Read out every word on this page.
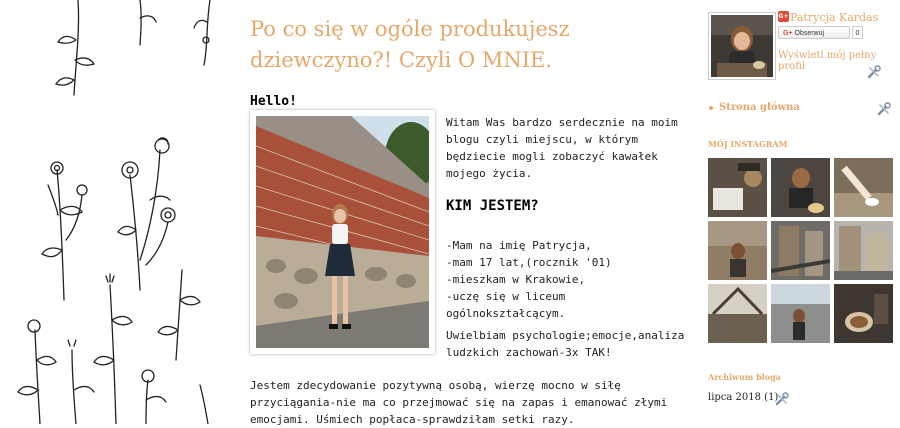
Po co się w ogóle produkujesz dziewczyno?! Czyli O MNIE.
Hello!
Witam Was bardzo serdecznie na moim blogu czyli miejscu, w którym będziecie mogli zobaczyć kawałek mojego życia.
KIM JESTEM?
-Mam na imię Patrycja,
-mam 17 lat,(rocznik '01)
-mieszkam w Krakowie,
-uczę się w liceum
ogólnokształcącym.
Uwielbiam psychologie;emocje,analiza ludzkich zachowań-3x TAK!
Jestem zdecydowanie pozytywną osobą, wierzę mocno w siłę przyciągania-nie ma co przejmować się na zapas i emanować złymi emocjami. Uśmiech popłaca-sprawdziłam setki razy.
G+ Patrycja Kardas
G+ Obserwuj	0
Wyświetl mój pełny profil
Strona główna
MÓJ INSTAGRAM
Archiwum bloga
lipca 2018 (1)
